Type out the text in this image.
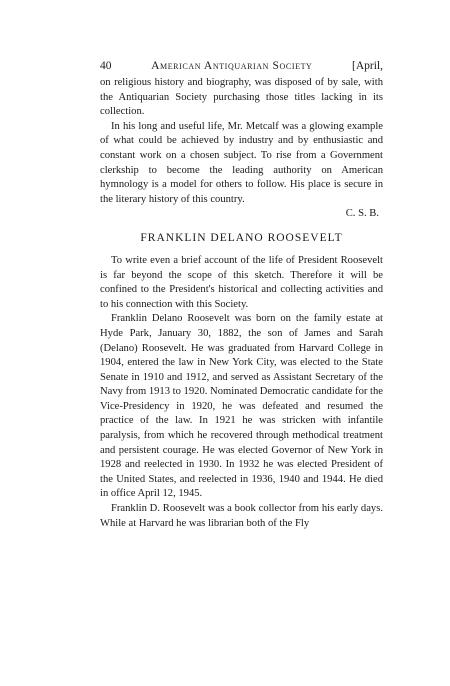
40	American Antiquarian Society	[April,

on religious history and biography, was disposed of by sale, with the Antiquarian Society purchasing those titles lacking in its collection.

In his long and useful life, Mr. Metcalf was a glowing example of what could be achieved by industry and by enthusiastic and constant work on a chosen subject. To rise from a Government clerkship to become the leading authority on American hymnology is a model for others to follow. His place is secure in the literary history of this country.

C. S. B.

FRANKLIN DELANO ROOSEVELT

To write even a brief account of the life of President Roosevelt is far beyond the scope of this sketch. Therefore it will be confined to the President's historical and collecting activities and to his connection with this Society.

Franklin Delano Roosevelt was born on the family estate at Hyde Park, January 30, 1882, the son of James and Sarah (Delano) Roosevelt. He was graduated from Harvard College in 1904, entered the law in New York City, was elected to the State Senate in 1910 and 1912, and served as Assistant Secretary of the Navy from 1913 to 1920. Nominated Democratic candidate for the Vice-Presidency in 1920, he was defeated and resumed the practice of the law. In 1921 he was stricken with infantile paralysis, from which he recovered through methodical treatment and persistent courage. He was elected Governor of New York in 1928 and reelected in 1930. In 1932 he was elected President of the United States, and reelected in 1936, 1940 and 1944. He died in office April 12, 1945.

Franklin D. Roosevelt was a book collector from his early days. While at Harvard he was librarian both of the Fly
